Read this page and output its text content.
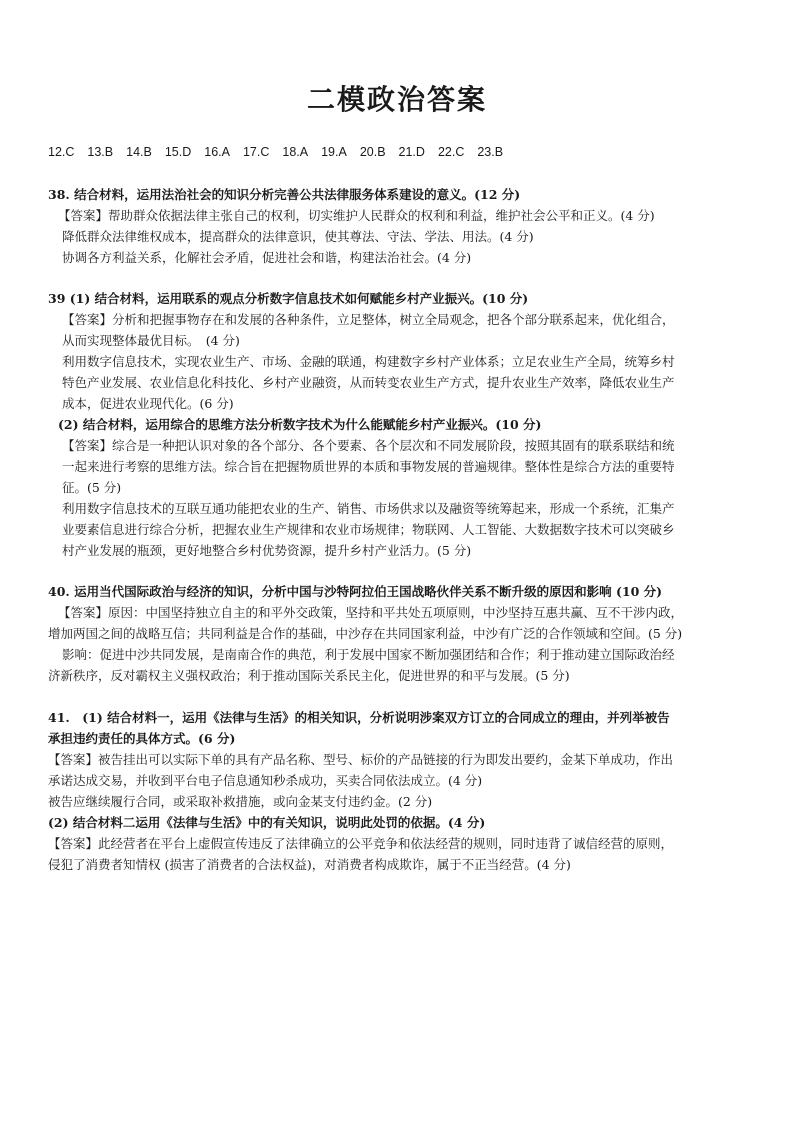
二模政治答案
12.C 13.B 14.B 15.D 16.A 17.C 18.A 19.A 20.B 21.D 22.C 23.B
38. 结合材料，运用法治社会的知识分析完善公共法律服务体系建设的意义。(12 分)
【答案】帮助群众依据法律主张自己的权利，切实维护人民群众的权利和利益，维护社会公平和正义。(4 分)
降低群众法律维权成本，提高群众的法律意识，使其尊法、守法、学法、用法。(4 分)
协调各方利益关系，化解社会矛盾，促进社会和谐，构建法治社会。(4 分)
39 (1) 结合材料，运用联系的观点分析数字信息技术如何赋能乡村产业振兴。(10 分)
【答案】分析和把握事物存在和发展的各种条件，立足整体，树立全局观念，把各个部分联系起来，优化组合，
从而实现整体最优目标。　(4 分)
利用数字信息技术，实现农业生产、市场、金融的联通，构建数字乡村产业体系；立足农业生产全局，统筹乡村
特色产业发展、农业信息化科技化、乡村产业融资，从而转变农业生产方式，提升农业生产效率，降低农业生产
成本，促进农业现代化。(6 分)
(2) 结合材料，运用综合的思维方法分析数字技术为什么能赋能乡村产业振兴。(10 分)
【答案】综合是一种把认识对象的各个部分、各个要素、各个层次和不同发展阶段，按照其固有的联系联结和统
一起来进行考察的思维方法。综合旨在把握物质世界的本质和事物发展的普遍规律。整体性是综合方法的重要特
征。(5 分)
利用数字信息技术的互联互通功能把农业的生产、销售、市场供求以及融资等统筹起来，形成一个系统，汇集产
业要素信息进行综合分析，把握农业生产规律和农业市场规律；物联网、人工智能、大数据数字技术可以突破乡
村产业发展的瓶颈，更好地整合乡村优势资源，提升乡村产业活力。(5 分)
40. 运用当代国际政治与经济的知识，分析中国与沙特阿拉伯王国战略伙伴关系不断升级的原因和影响 (10 分)
【答案】原因：中国坚持独立自主的和平外交政策，坚持和平共处五项原则，中沙坚持互惠共赢、互不干涉内政，
增加两国之间的战略互信；共同利益是合作的基础，中沙存在共同国家利益，中沙有广泛的合作领域和空间。(5 分)
影响：促进中沙共同发展，是南南合作的典范，利于发展中国家不断加强团结和合作；利于推动建立国际政治经
济新秩序，反对霸权主义强权政治；利于推动国际关系民主化，促进世界的和平与发展。(5 分)
41.　(1) 结合材料一，运用《法律与生活》的相关知识，分析说明涉案双方订立的合同成立的理由，并列举被告
承担违约责任的具体方式。(6 分)
【答案】被告挂出可以实际下单的具有产品名称、型号、标价的产品链接的行为即发出要约，金某下单成功，作出
承诺达成交易，并收到平台电子信息通知秒杀成功，买卖合同依法成立。(4 分)
被告应继续履行合同，或采取补救措施，或向金某支付违约金。(2 分)
(2) 结合材料二运用《法律与生活》中的有关知识，说明此处罚的依据。(4 分)
【答案】此经营者在平台上虚假宣传违反了法律确立的公平竞争和依法经营的规则，同时违背了诚信经营的原则，
侵犯了消费者知情权 (损害了消费者的合法权益)，对消费者构成欺诈，属于不正当经营。(4 分)
